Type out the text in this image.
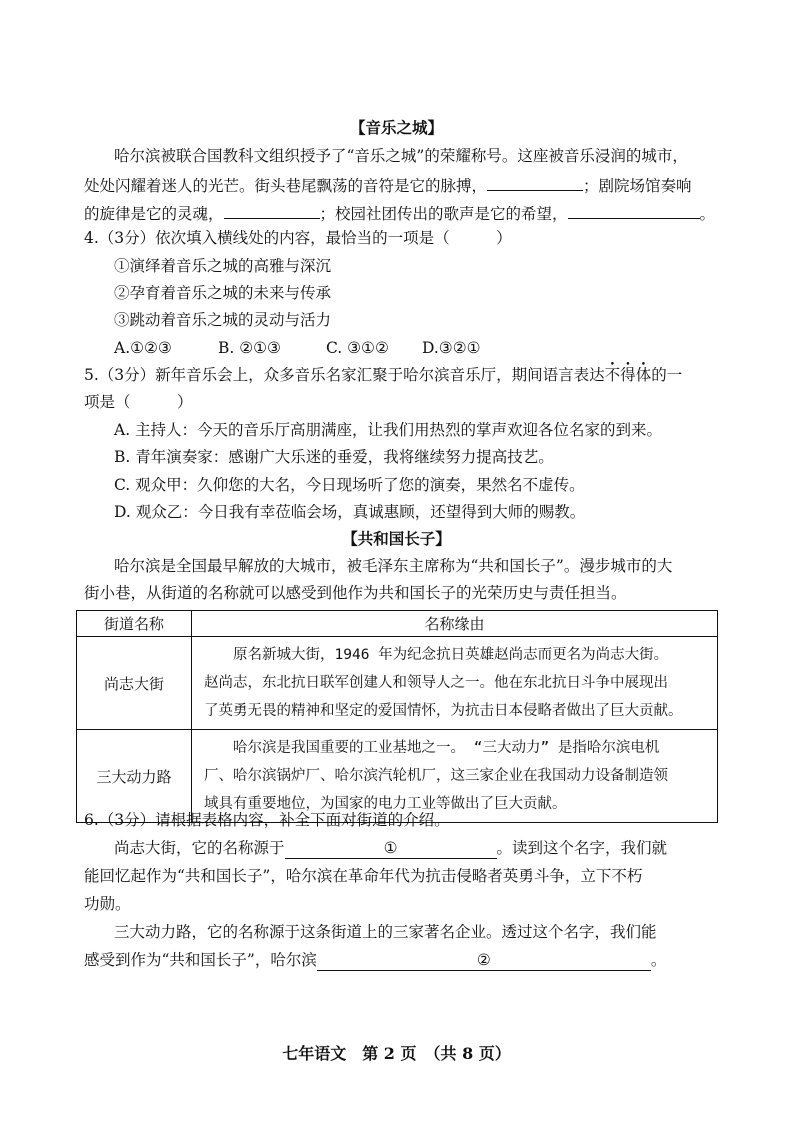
【音乐之城】
哈尔滨被联合国教科文组织授予了“音乐之城”的荣耀称号。这座被音乐浸润的城市，
处处闪耀着迷人的光芒。街头巷尾飘荡的音符是它的脉搏，	；剧院场馆奏响
的旋律是它的灵魂，	；校园社团传出的歌声是它的希望，	。
4.（3分）依次填入横线处的内容，最恰当的一项是（　　　）
①演绎着音乐之城的高雅与深沉
②孕育着音乐之城的未来与传承
③跳动着音乐之城的灵动与活力
A.①②③	B. ②①③	C. ③①② D.③②①
5.（3分）新年音乐会上，众多音乐名家汇聚于哈尔滨音乐厅，期间语言表达不得体的一
项是（　　　）
A. 主持人：今天的音乐厅高朋满座，让我们用热烈的掌声欢迎各位名家的到来。
B. 青年演奏家：感谢广大乐迷的垂爱，我将继续努力提高技艺。
C. 观众甲：久仰您的大名，今日现场听了您的演奏，果然名不虚传。
D. 观众乙：今日我有幸莅临会场，真诚惠顾，还望得到大师的赐教。
【共和国长子】
哈尔滨是全国最早解放的大城市，被毛泽东主席称为“共和国长子”。漫步城市的大
街小巷，从街道的名称就可以感受到他作为共和国长子的光荣历史与责任担当。
街道名称	名称缘由
尚志大街	　　原名新城大街，1946 年为纪念抗日英雄赵尚志而更名为尚志大街。
赵尚志，东北抗日联军创建人和领导人之一。他在东北抗日斗争中展现出
了英勇无畏的精神和坚定的爱国情怀，为抗击日本侵略者做出了巨大贡献。

三大动力路	　　哈尔滨是我国重要的工业基地之一。 “三大动力” 是指哈尔滨电机
厂、哈尔滨锅炉厂、哈尔滨汽轮机厂，这三家企业在我国动力设备制造领
域具有重要地位，为国家的电力工业等做出了巨大贡献。
6.（3分）请根据表格内容，补全下面对街道的介绍。
尚志大街，它的名称源于	①	。读到这个名字，我们就
能回忆起作为“共和国长子”，哈尔滨在革命年代为抗击侵略者英勇斗争，立下不朽
功勋。
三大动力路，它的名称源于这条街道上的三家著名企业。透过这个名字，我们能
感受到作为“共和国长子”，哈尔滨	②	。
七年语文　第 2 页　（共 8 页）
